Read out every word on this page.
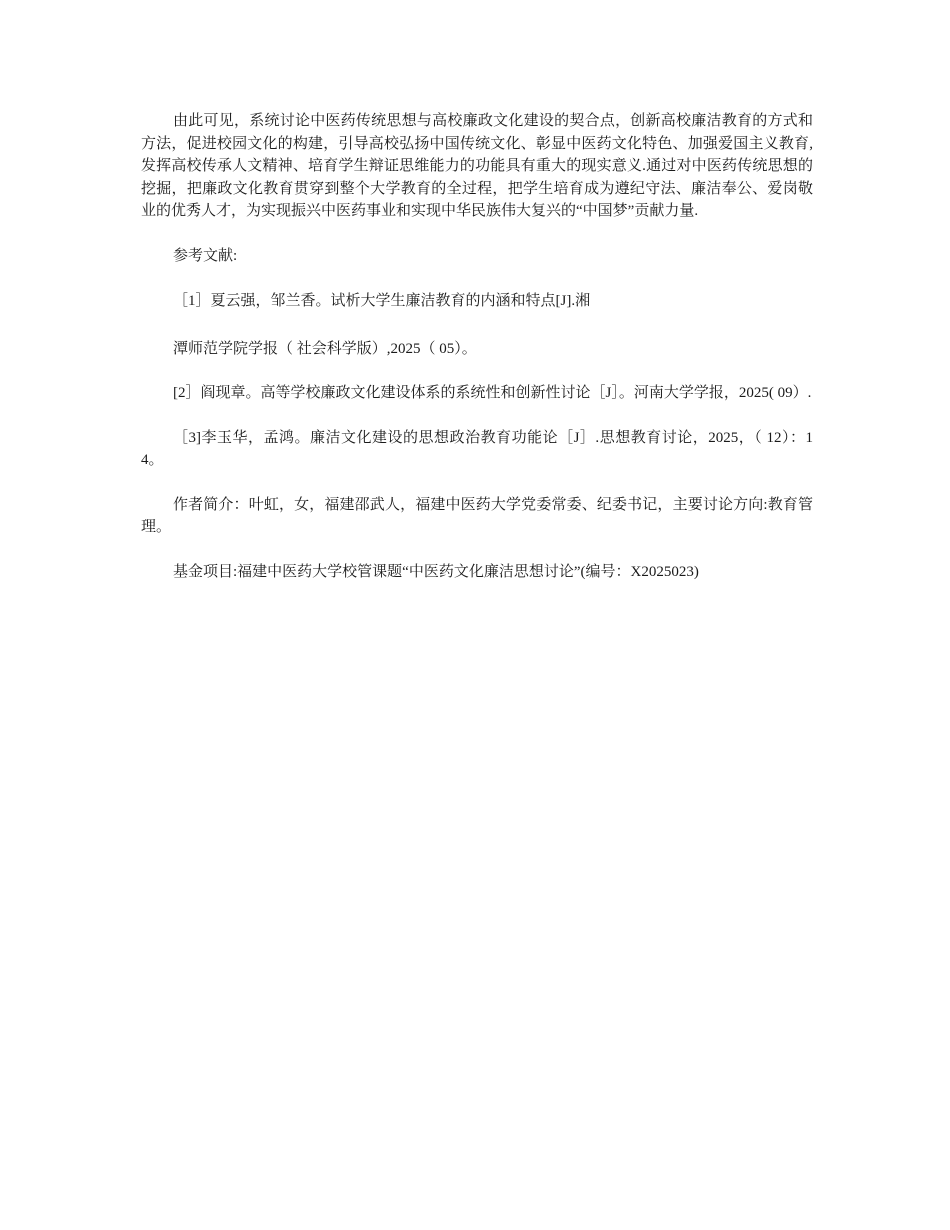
由此可见，系统讨论中医药传统思想与高校廉政文化建设的契合点，创新高校廉洁教育的方式和方法，促进校园文化的构建，引导高校弘扬中国传统文化、彰显中医药文化特色、加强爱国主义教育,发挥高校传承人文精神、培育学生辩证思维能力的功能具有重大的现实意义.通过对中医药传统思想的挖掘，把廉政文化教育贯穿到整个大学教育的全过程，把学生培育成为遵纪守法、廉洁奉公、爱岗敬业的优秀人才，为实现振兴中医药事业和实现中华民族伟大复兴的“中国梦”贡献力量.

参考文献:

［1］夏云强，邹兰香。试析大学生廉洁教育的内涵和特点[J].湘

潭师范学院学报（ 社会科学版）,2025（ 05）。

[2］阎现章。高等学校廉政文化建设体系的系统性和创新性讨论［J］。河南大学学报，2025( 09）.

［3]李玉华，孟鸿。廉洁文化建设的思想政治教育功能论［J］.思想教育讨论，2025，（ 12）：14。

作者简介：叶虹，女，福建邵武人，福建中医药大学党委常委、纪委书记，主要讨论方向:教育管理。

基金项目:福建中医药大学校管课题“中医药文化廉洁思想讨论”(编号：X2025023)
